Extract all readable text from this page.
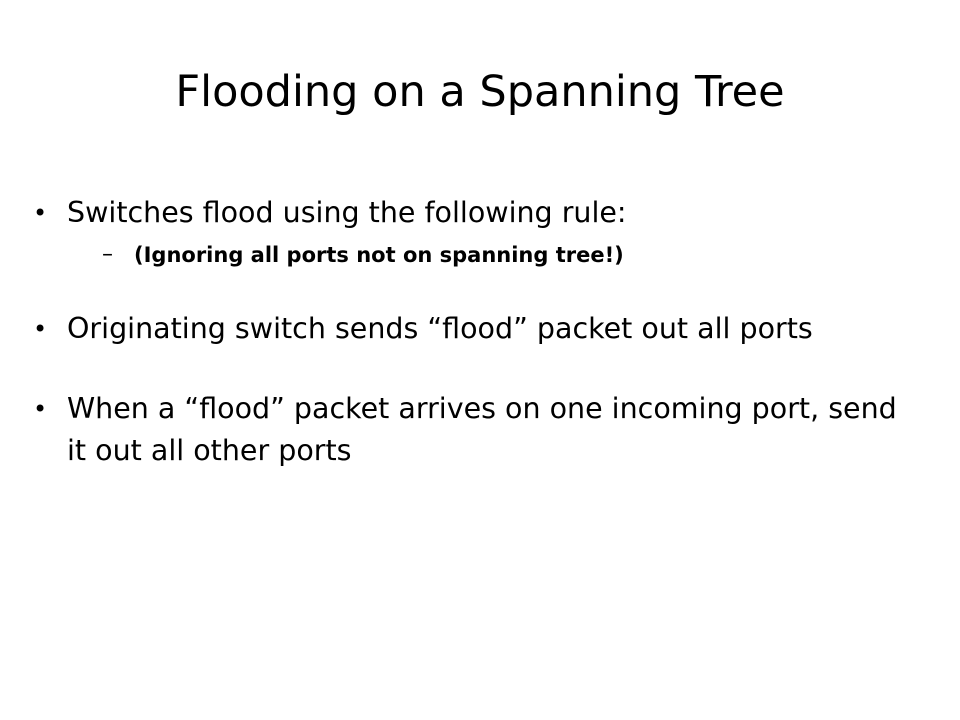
Flooding on a Spanning Tree
• Switches flood using the following rule:
– (Ignoring all ports not on spanning tree!)
• Originating switch sends “flood” packet out all ports
• When a “flood” packet arrives on one incoming port, send it out all other ports
